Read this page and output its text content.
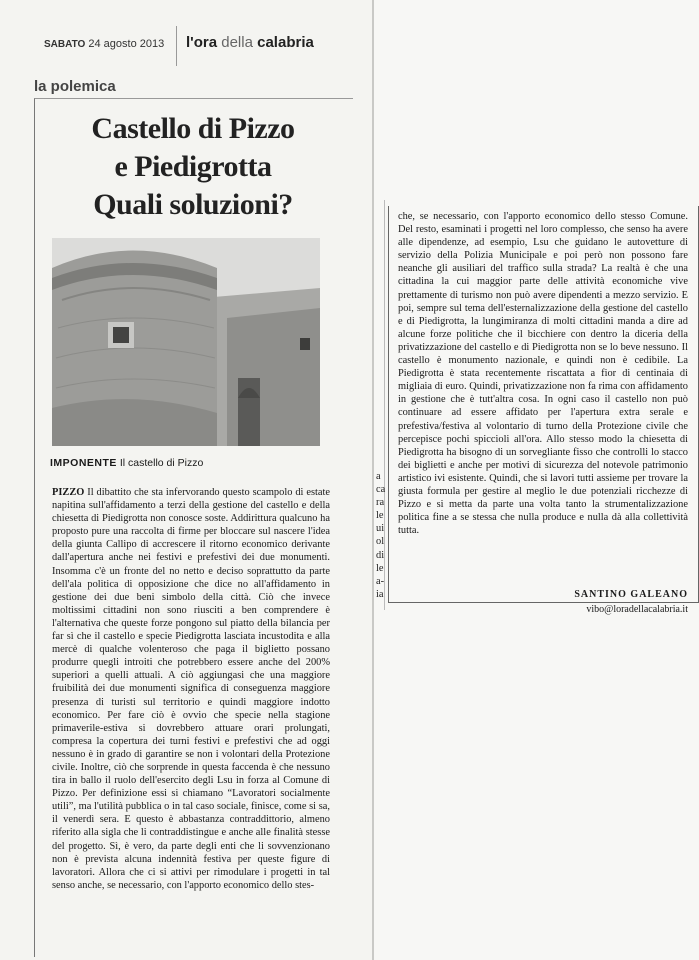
SABATO 24 agosto 2013 l'ora della calabria
la polemica
Castello di Pizzo
e Piedigrotta
Quali soluzioni?
IMPONENTE Il castello di Pizzo
PIZZO Il dibattito che sta infervorando questo scampolo di estate napitina sull'affidamento a terzi della gestione del castello e della chiesetta di Piedigrotta non conosce soste. Addirittura qualcuno ha proposto pure una raccolta di firme per bloccare sul nascere l'idea della giunta Callipo di accrescere il ritorno economico derivante dall'apertura anche nei festivi e prefestivi dei due monumenti. Insomma c'è un fronte del no netto e deciso soprattutto da parte dell'ala politica di opposizione che dice no all'affidamento in gestione dei due beni simbolo della città. Ciò che invece moltissimi cittadini non sono riusciti a ben comprendere è l'alternativa che queste forze pongono sul piatto della bilancia per far sì che il castello e specie Piedigrotta lasciata incustodita e alla mercè di qualche volenteroso che paga il biglietto possano produrre quegli introiti che potrebbero essere anche del 200% superiori a quelli attuali. A ciò aggiungasi che una maggiore fruibilità dei due monumenti significa di conseguenza maggiore presenza di turisti sul territorio e quindi maggiore indotto economico. Per fare ciò è ovvio che specie nella stagione primaverile-estiva si dovrebbero attuare orari prolungati, compresa la copertura dei turni festivi e prefestivi che ad oggi nessuno è in grado di garantire se non i volontari della Protezione civile. Inoltre, ciò che sorprende in questa faccenda è che nessuno tira in ballo il ruolo dell'esercito degli Lsu in forza al Comune di Pizzo. Per definizione essi si chiamano “Lavoratori socialmente utili”, ma l'utilità pubblica o in tal caso sociale, finisce, come si sa, il venerdì sera. E questo è abbastanza contraddittorio, almeno riferito alla sigla che li contraddistingue e anche alle finalità stesse del progetto. Sì, è vero, da parte degli enti che li sovvenzionano non è prevista alcuna indennità festiva per queste figure di lavoratori. Allora che ci si attivi per rimodulare i progetti in tal senso anche, se necessario, con l'apporto economico dello stes-
a
ca
ra
le
ui
ol
di
le
a-
ia
che, se necessario, con l'apporto economico dello stesso Comune. Del resto, esaminati i progetti nel loro complesso, che senso ha avere alle dipendenze, ad esempio, Lsu che guidano le autovetture di servizio della Polizia Municipale e poi però non possono fare neanche gli ausiliari del traffico sulla strada? La realtà è che una cittadina la cui maggior parte delle attività economiche vive prettamente di turismo non può avere dipendenti a mezzo servizio. E poi, sempre sul tema dell'esternalizzazione della gestione del castello e di Piedigrotta, la lungimiranza di molti cittadini manda a dire ad alcune forze politiche che il bicchiere con dentro la diceria della privatizzazione del castello e di Piedigrotta non se lo beve nessuno. Il castello è monumento nazionale, e quindi non è cedibile. La Piedigrotta è stata recentemente riscattata a fior di centinaia di migliaia di euro. Quindi, privatizzazione non fa rima con affidamento in gestione che è tutt'altra cosa. In ogni caso il castello non può continuare ad essere affidato per l'apertura extra serale e prefestiva/festiva al volontario di turno della Protezione civile che percepisce pochi spiccioli all'ora. Allo stesso modo la chiesetta di Piedigrotta ha bisogno di un sorvegliante fisso che controlli lo stacco dei biglietti e anche per motivi di sicurezza del notevole patrimonio artistico ivi esistente. Quindi, che si lavori tutti assieme per trovare la giusta formula per gestire al meglio le due potenziali ricchezze di Pizzo e si metta da parte una volta tanto la strumentalizzazione politica fine a se stessa che nulla produce e nulla dà alla collettività tutta.
SANTINO GALEANO
vibo@loradellacalabria.it
